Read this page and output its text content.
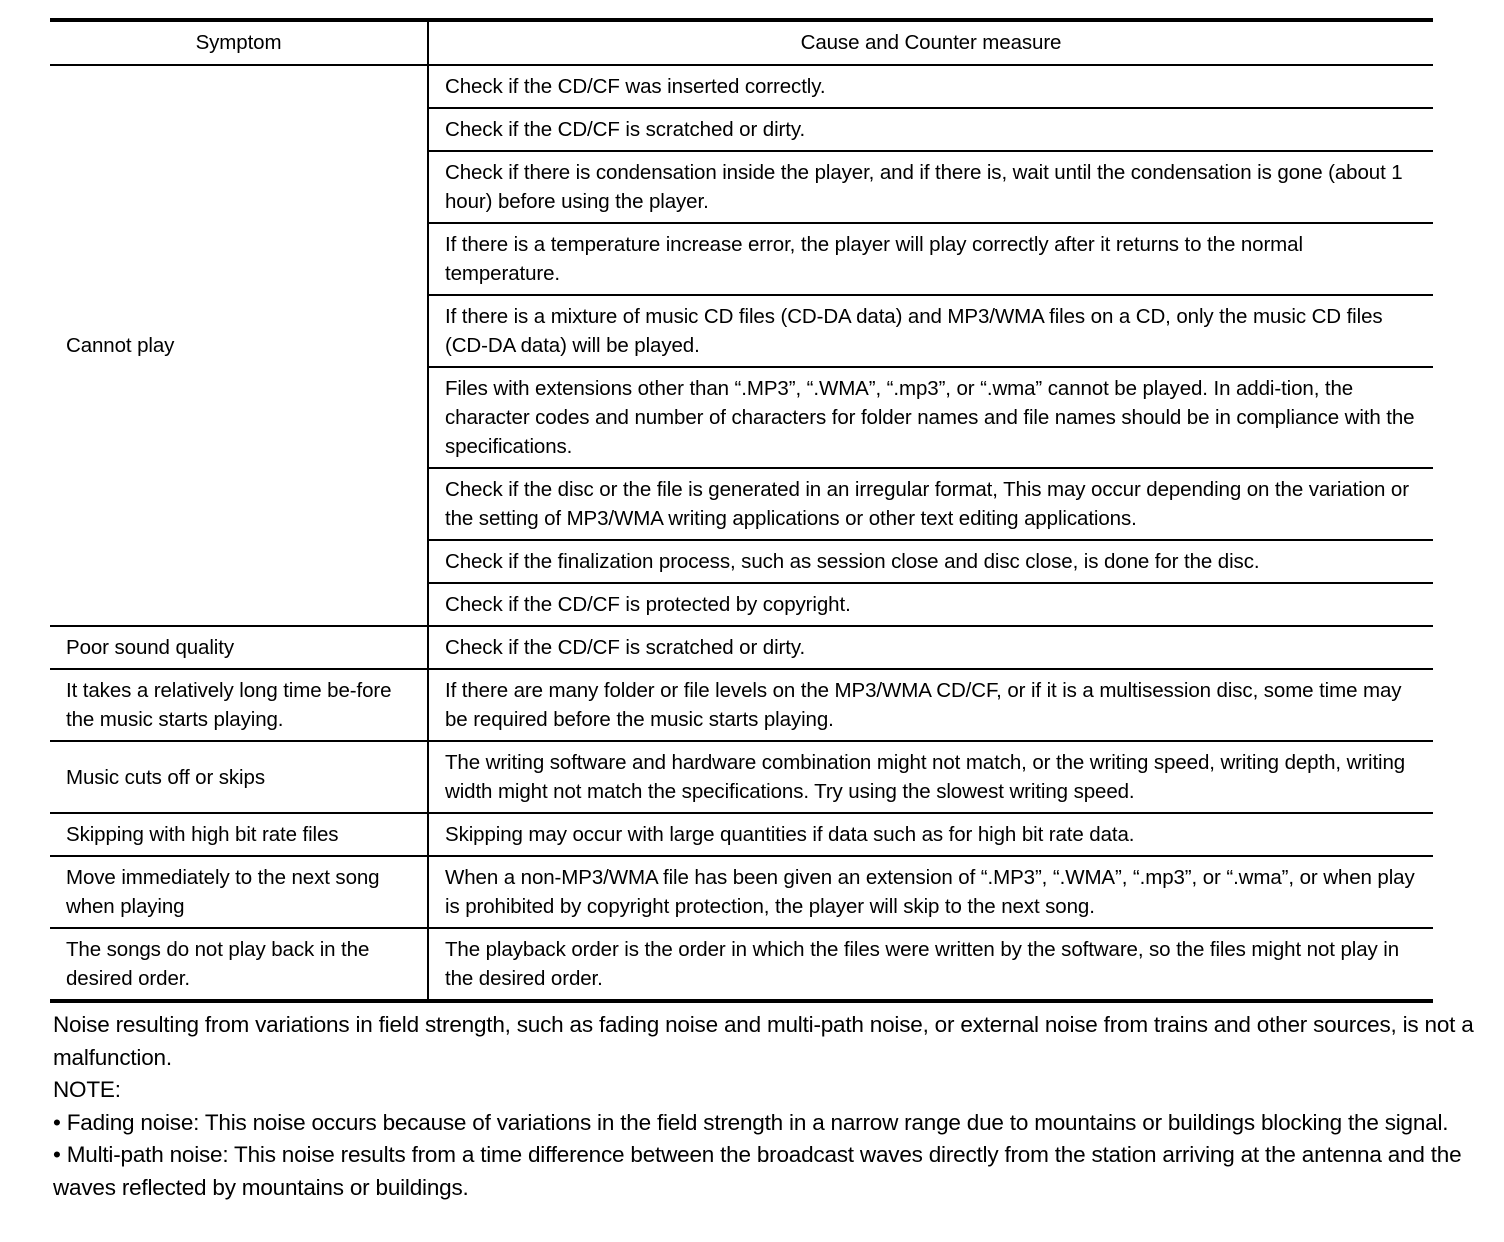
Symptom	Cause and Counter measure
Cannot play	Check if the CD/CF was inserted correctly.
	Check if the CD/CF is scratched or dirty.
	Check if there is condensation inside the player, and if there is, wait until the condensation is gone (about 1 hour) before using the player.
	If there is a temperature increase error, the player will play correctly after it returns to the normal temperature.
	If there is a mixture of music CD files (CD-DA data) and MP3/WMA files on a CD, only the music CD files (CD-DA data) will be played.
	Files with extensions other than “.MP3”, “.WMA”, “.mp3”, or “.wma” cannot be played. In addi-tion, the character codes and number of characters for folder names and file names should be in compliance with the specifications.
	Check if the disc or the file is generated in an irregular format, This may occur depending on the variation or the setting of MP3/WMA writing applications or other text editing applications.
	Check if the finalization process, such as session close and disc close, is done for the disc.
	Check if the CD/CF is protected by copyright.
Poor sound quality	Check if the CD/CF is scratched or dirty.
It takes a relatively long time be-fore the music starts playing.	If there are many folder or file levels on the MP3/WMA CD/CF, or if it is a multisession disc, some time may be required before the music starts playing.
Music cuts off or skips	The writing software and hardware combination might not match, or the writing speed, writing depth, writing width might not match the specifications. Try using the slowest writing speed.
Skipping with high bit rate files	Skipping may occur with large quantities if data such as for high bit rate data.
Move immediately to the next song when playing	When a non-MP3/WMA file has been given an extension of “.MP3”, “.WMA”, “.mp3”, or “.wma”, or when play is prohibited by copyright protection, the player will skip to the next song.
The songs do not play back in the desired order.	The playback order is the order in which the files were written by the software, so the files might not play in the desired order.

Noise resulting from variations in field strength, such as fading noise and multi-path noise, or external noise from trains and other sources, is not a malfunction.

NOTE:

• Fading noise: This noise occurs because of variations in the field strength in a narrow range due to mountains or buildings blocking the signal.

• Multi-path noise: This noise results from a time difference between the broadcast waves directly from the station arriving at the antenna and the waves reflected by mountains or buildings.
